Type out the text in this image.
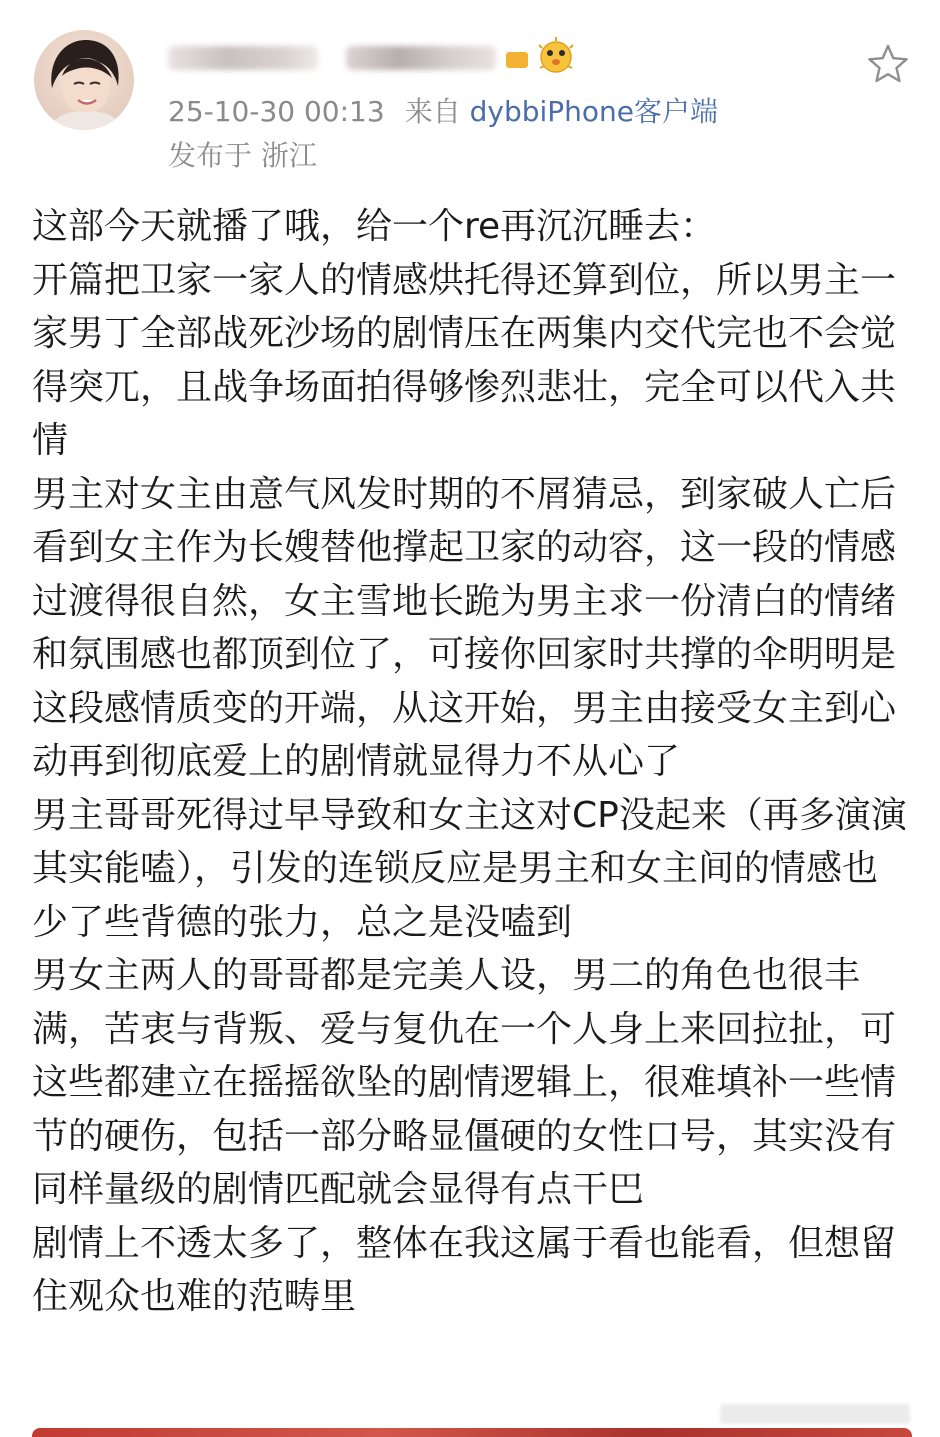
25-10-30 00:13 来自 dybbiPhone客户端
发布于 浙江

这部今天就播了哦，给一个re再沉沉睡去：

开篇把卫家一家人的情感烘托得还算到位，所以男主一家男丁全部战死沙场的剧情压在两集内交代完也不会觉得突兀，且战争场面拍得够惨烈悲壮，完全可以代入共情

男主对女主由意气风发时期的不屑猜忌，到家破人亡后看到女主作为长嫂替他撑起卫家的动容，这一段的情感过渡得很自然，女主雪地长跪为男主求一份清白的情绪和氛围感也都顶到位了，可接你回家时共撑的伞明明是这段感情质变的开端，从这开始，男主由接受女主到心动再到彻底爱上的剧情就显得力不从心了

男主哥哥死得过早导致和女主这对CP没起来（再多演演其实能嗑），引发的连锁反应是男主和女主间的情感也少了些背德的张力，总之是没嗑到

男女主两人的哥哥都是完美人设，男二的角色也很丰满，苦衷与背叛、爱与复仇在一个人身上来回拉扯，可这些都建立在摇摇欲坠的剧情逻辑上，很难填补一些情节的硬伤，包括一部分略显僵硬的女性口号，其实没有同样量级的剧情匹配就会显得有点干巴

剧情上不透太多了，整体在我这属于看也能看，但想留住观众也难的范畴里
